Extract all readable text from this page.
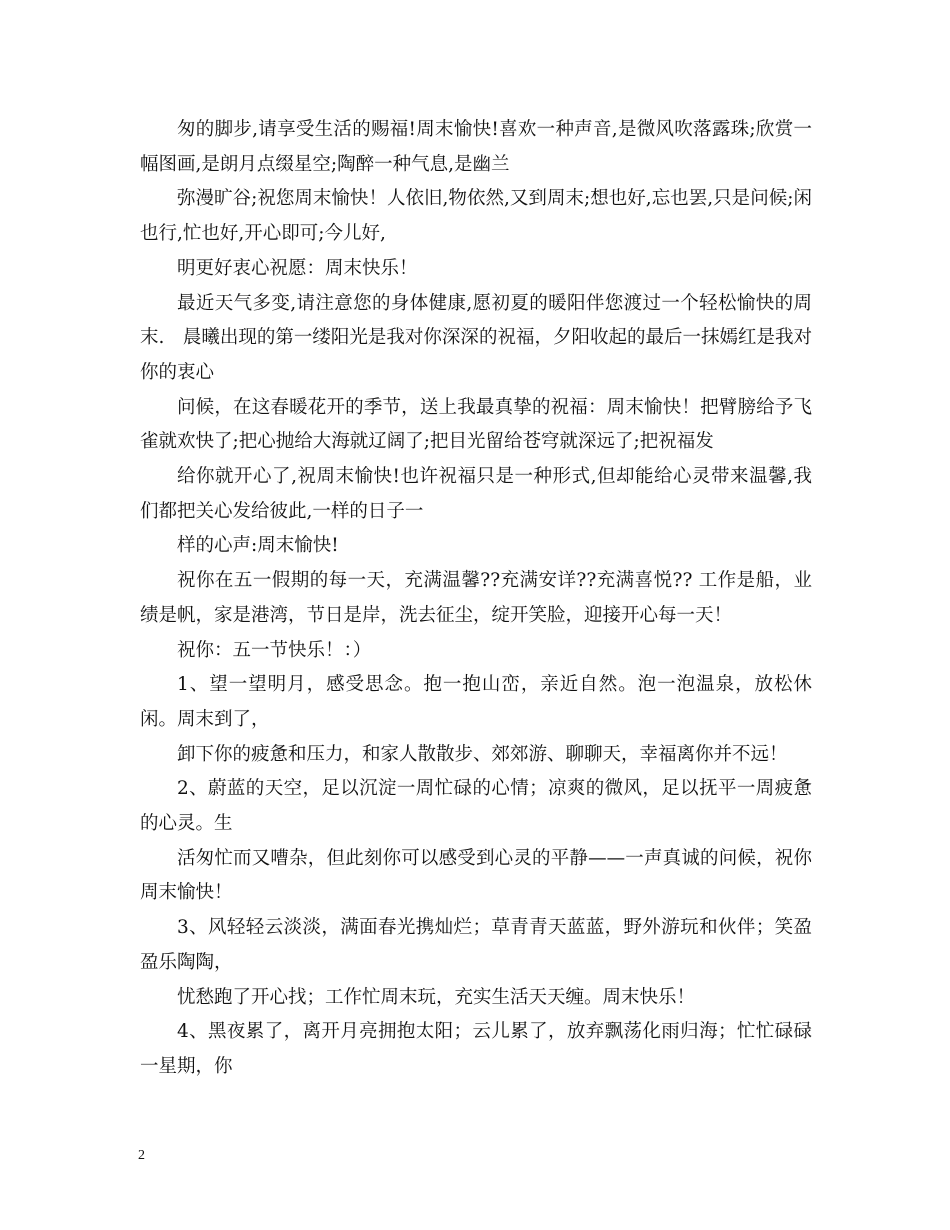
匆的脚步,请享受生活的赐福!周末愉快!喜欢一种声音,是微风吹落露珠;欣赏一幅图画,是朗月点缀星空;陶醉一种气息,是幽兰

弥漫旷谷;祝您周末愉快！人依旧,物依然,又到周末;想也好,忘也罢,只是问候;闲也行,忙也好,开心即可;今儿好,

明更好衷心祝愿：周末快乐！

最近天气多变,请注意您的身体健康,愿初夏的暖阳伴您渡过一个轻松愉快的周末.　晨曦出现的第一缕阳光是我对你深深的祝福，夕阳收起的最后一抹嫣红是我对你的衷心

问候，在这春暖花开的季节，送上我最真挚的祝福：周末愉快！把臂膀给予飞雀就欢快了;把心抛给大海就辽阔了;把目光留给苍穹就深远了;把祝福发

给你就开心了,祝周末愉快!也许祝福只是一种形式,但却能给心灵带来温馨,我们都把关心发给彼此,一样的日子一

样的心声:周末愉快!

祝你在五一假期的每一天，充满温馨??充满安详??充满喜悦?? 工作是船，业绩是帆，家是港湾，节日是岸，洗去征尘，绽开笑脸，迎接开心每一天！

祝你：五一节快乐！：）

1、望一望明月，感受思念。抱一抱山峦，亲近自然。泡一泡温泉，放松休闲。周末到了，

卸下你的疲惫和压力，和家人散散步、郊郊游、聊聊天，幸福离你并不远！

2、蔚蓝的天空，足以沉淀一周忙碌的心情；凉爽的微风，足以抚平一周疲惫的心灵。生

活匆忙而又嘈杂，但此刻你可以感受到心灵的平静——一声真诚的问候，祝你周末愉快！

3、风轻轻云淡淡，满面春光携灿烂；草青青天蓝蓝，野外游玩和伙伴；笑盈盈乐陶陶，

忧愁跑了开心找；工作忙周末玩，充实生活天天缠。周末快乐！

4、黑夜累了，离开月亮拥抱太阳；云儿累了，放弃飘荡化雨归海；忙忙碌碌一星期，你

2
